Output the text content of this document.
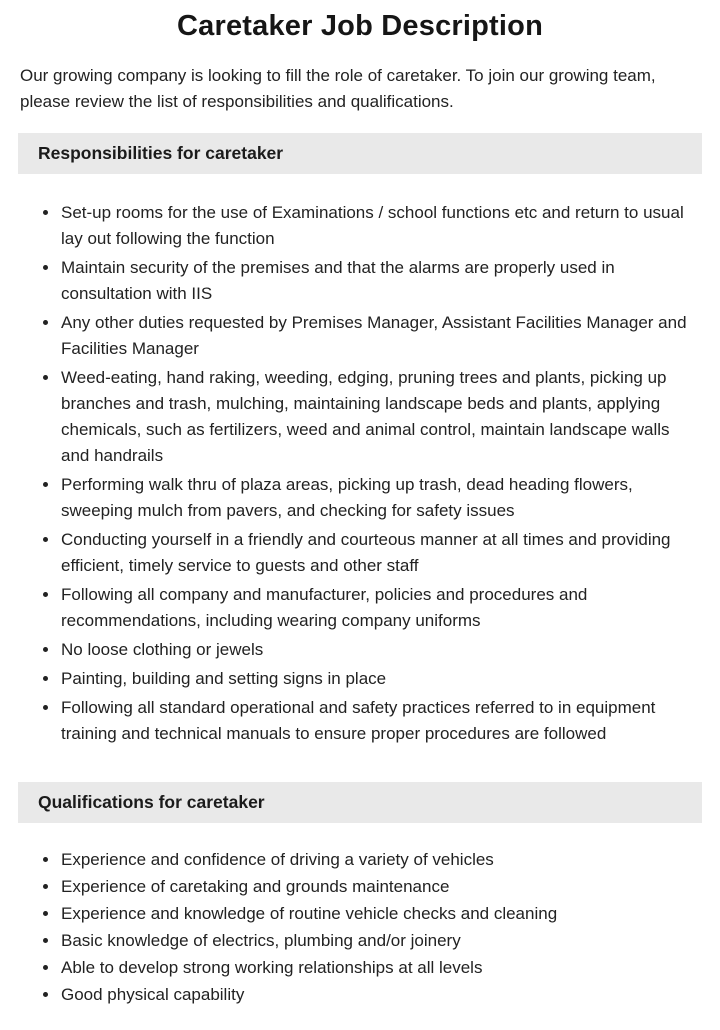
Caretaker Job Description

Our growing company is looking to fill the role of caretaker. To join our growing team, please review the list of responsibilities and qualifications.

Responsibilities for caretaker
• Set-up rooms for the use of Examinations / school functions etc and return to usual lay out following the function
• Maintain security of the premises and that the alarms are properly used in consultation with IIS
• Any other duties requested by Premises Manager, Assistant Facilities Manager and Facilities Manager
• Weed-eating, hand raking, weeding, edging, pruning trees and plants, picking up branches and trash, mulching, maintaining landscape beds and plants, applying chemicals, such as fertilizers, weed and animal control, maintain landscape walls and handrails
• Performing walk thru of plaza areas, picking up trash, dead heading flowers, sweeping mulch from pavers, and checking for safety issues
• Conducting yourself in a friendly and courteous manner at all times and providing efficient, timely service to guests and other staff
• Following all company and manufacturer, policies and procedures and recommendations, including wearing company uniforms
• No loose clothing or jewels
• Painting, building and setting signs in place
• Following all standard operational and safety practices referred to in equipment training and technical manuals to ensure proper procedures are followed
Qualifications for caretaker
• Experience and confidence of driving a variety of vehicles
• Experience of caretaking and grounds maintenance
• Experience and knowledge of routine vehicle checks and cleaning
• Basic knowledge of electrics, plumbing and/or joinery
• Able to develop strong working relationships at all levels
• Good physical capability
